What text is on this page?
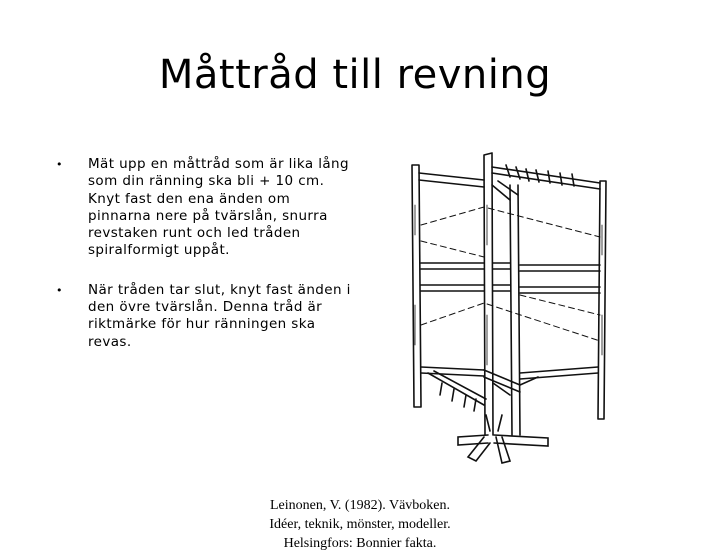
Måttråd till revning
• Mät upp en måttråd som är lika lång som din ränning ska bli + 10 cm. Knyt fast den ena änden om pinnarna nere på tvärslån, snurra revstaken runt och led tråden spiralformigt uppåt.
• När tråden tar slut, knyt fast änden i den övre tvärslån. Denna tråd är riktmärke för hur ränningen ska revas.
Leinonen, V. (1982). Vävboken.
Idéer, teknik, mönster, modeller.
Helsingfors: Bonnier fakta.
